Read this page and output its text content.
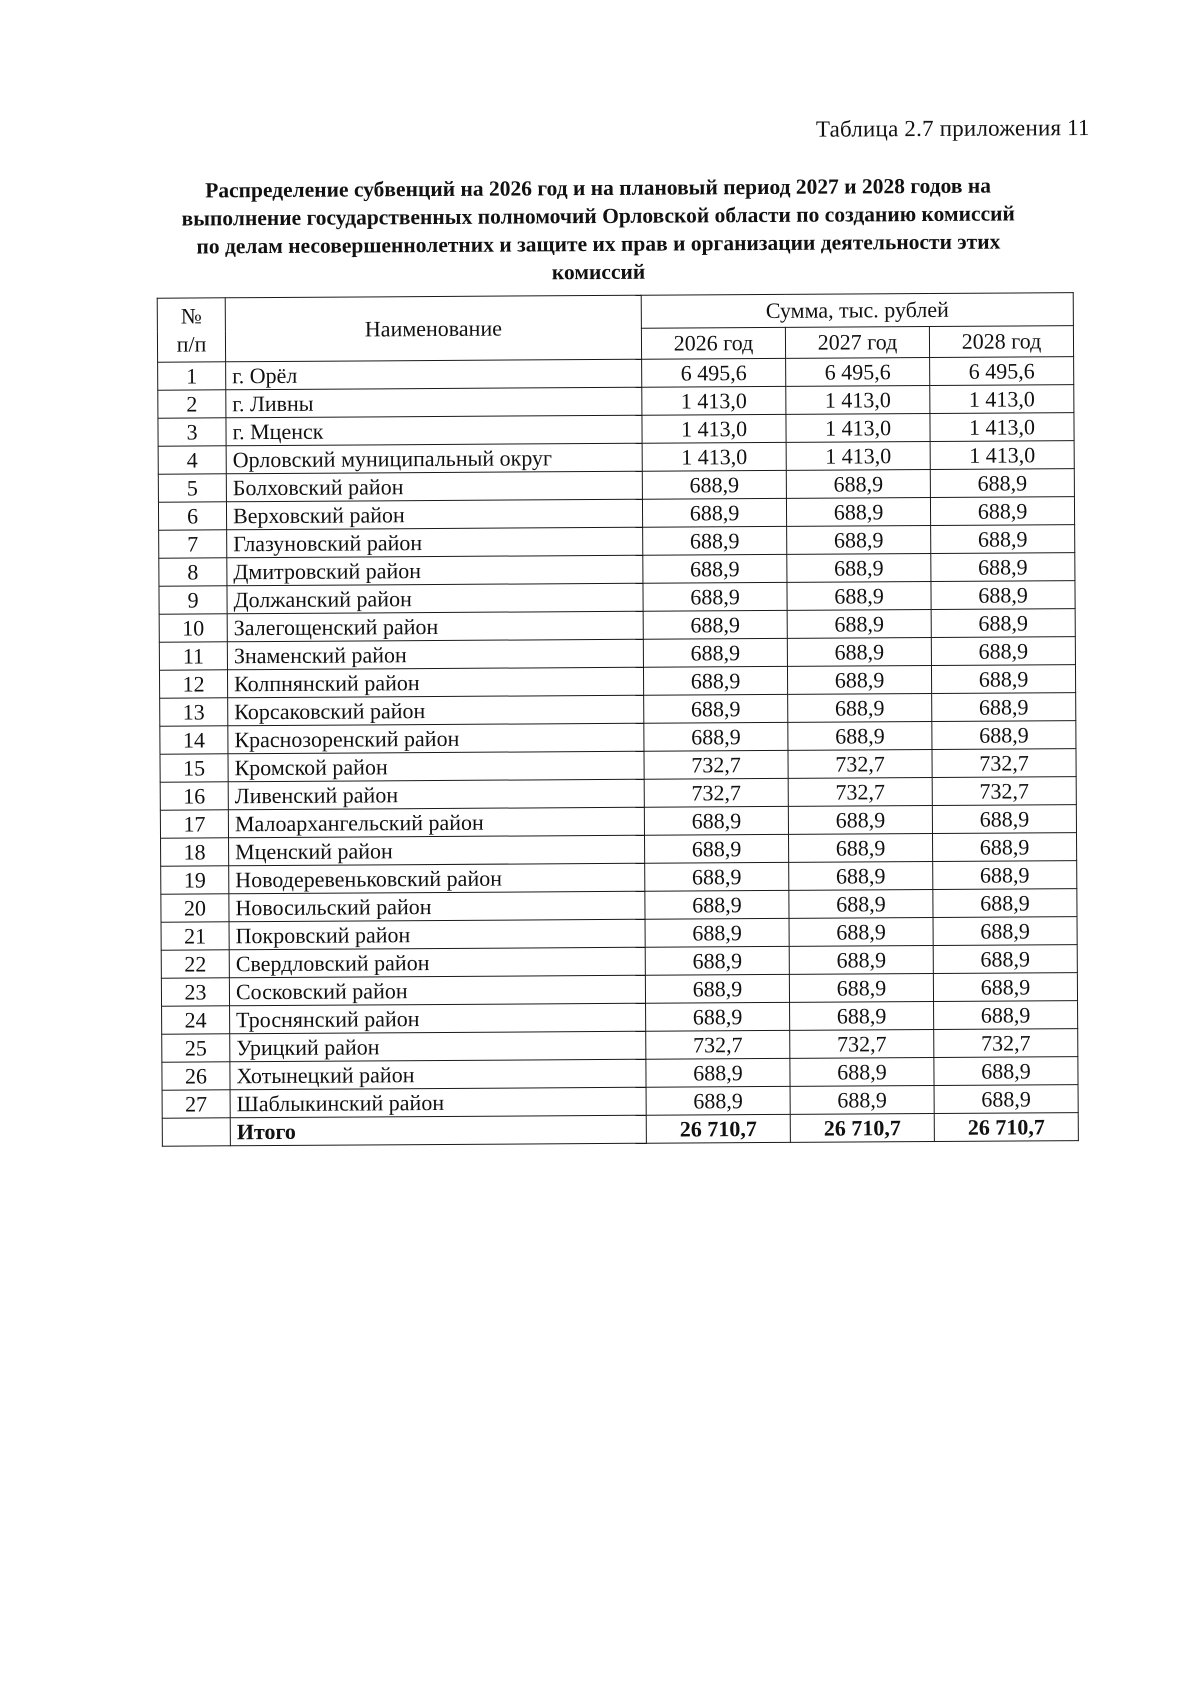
Таблица 2.7 приложения 11
Распределение субвенций на 2026 год и на плановый период 2027 и 2028 годов на
выполнение государственных полномочий Орловской области по созданию комиссий
по делам несовершеннолетних и защите их прав и организации деятельности этих
комиссий
№ п/п	Наименование	Сумма, тыс. рублей		
		2026 год	2027 год	2028 год
1	г. Орёл	6 495,6	6 495,6	6 495,6
2	г. Ливны	1 413,0	1 413,0	1 413,0
3	г. Мценск	1 413,0	1 413,0	1 413,0
4	Орловский муниципальный округ	1 413,0	1 413,0	1 413,0
5	Болховский район	688,9	688,9	688,9
6	Верховский район	688,9	688,9	688,9
7	Глазуновский район	688,9	688,9	688,9
8	Дмитровский район	688,9	688,9	688,9
9	Должанский район	688,9	688,9	688,9
10	Залегощенский район	688,9	688,9	688,9
11	Знаменский район	688,9	688,9	688,9
12	Колпнянский район	688,9	688,9	688,9
13	Корсаковский район	688,9	688,9	688,9
14	Краснозоренский район	688,9	688,9	688,9
15	Кромской район	732,7	732,7	732,7
16	Ливенский район	732,7	732,7	732,7
17	Малоархангельский район	688,9	688,9	688,9
18	Мценский район	688,9	688,9	688,9
19	Новодеревеньковский район	688,9	688,9	688,9
20	Новосильский район	688,9	688,9	688,9
21	Покровский район	688,9	688,9	688,9
22	Свердловский район	688,9	688,9	688,9
23	Сосковский район	688,9	688,9	688,9
24	Троснянский район	688,9	688,9	688,9
25	Урицкий район	732,7	732,7	732,7
26	Хотынецкий район	688,9	688,9	688,9
27	Шаблыкинский район	688,9	688,9	688,9
	Итого	26 710,7	26 710,7	26 710,7
